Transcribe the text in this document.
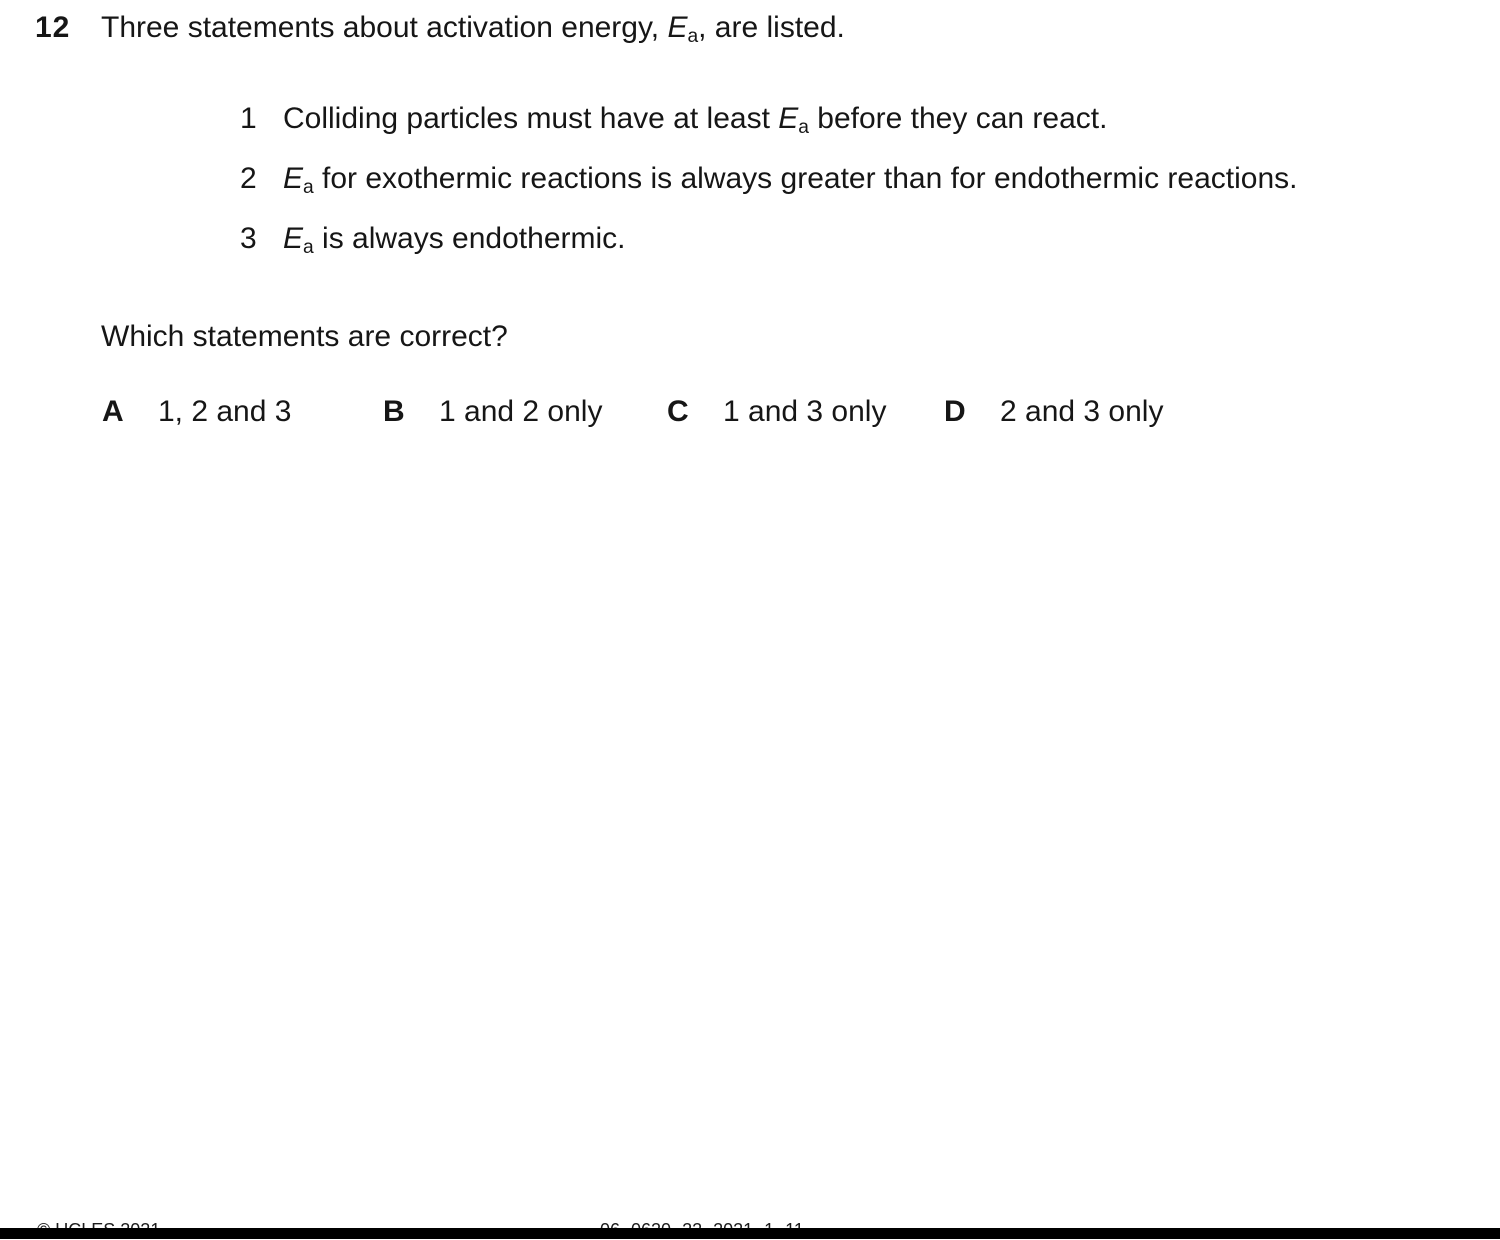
12 Three statements about activation energy, Ea, are listed.
1 Colliding particles must have at least Ea before they can react.
2 Ea for exothermic reactions is always greater than for endothermic reactions.
3 Ea is always endothermic.
Which statements are correct?
A	1, 2 and 3	B	1 and 2 only C	1 and 3 only D	2 and 3 only
